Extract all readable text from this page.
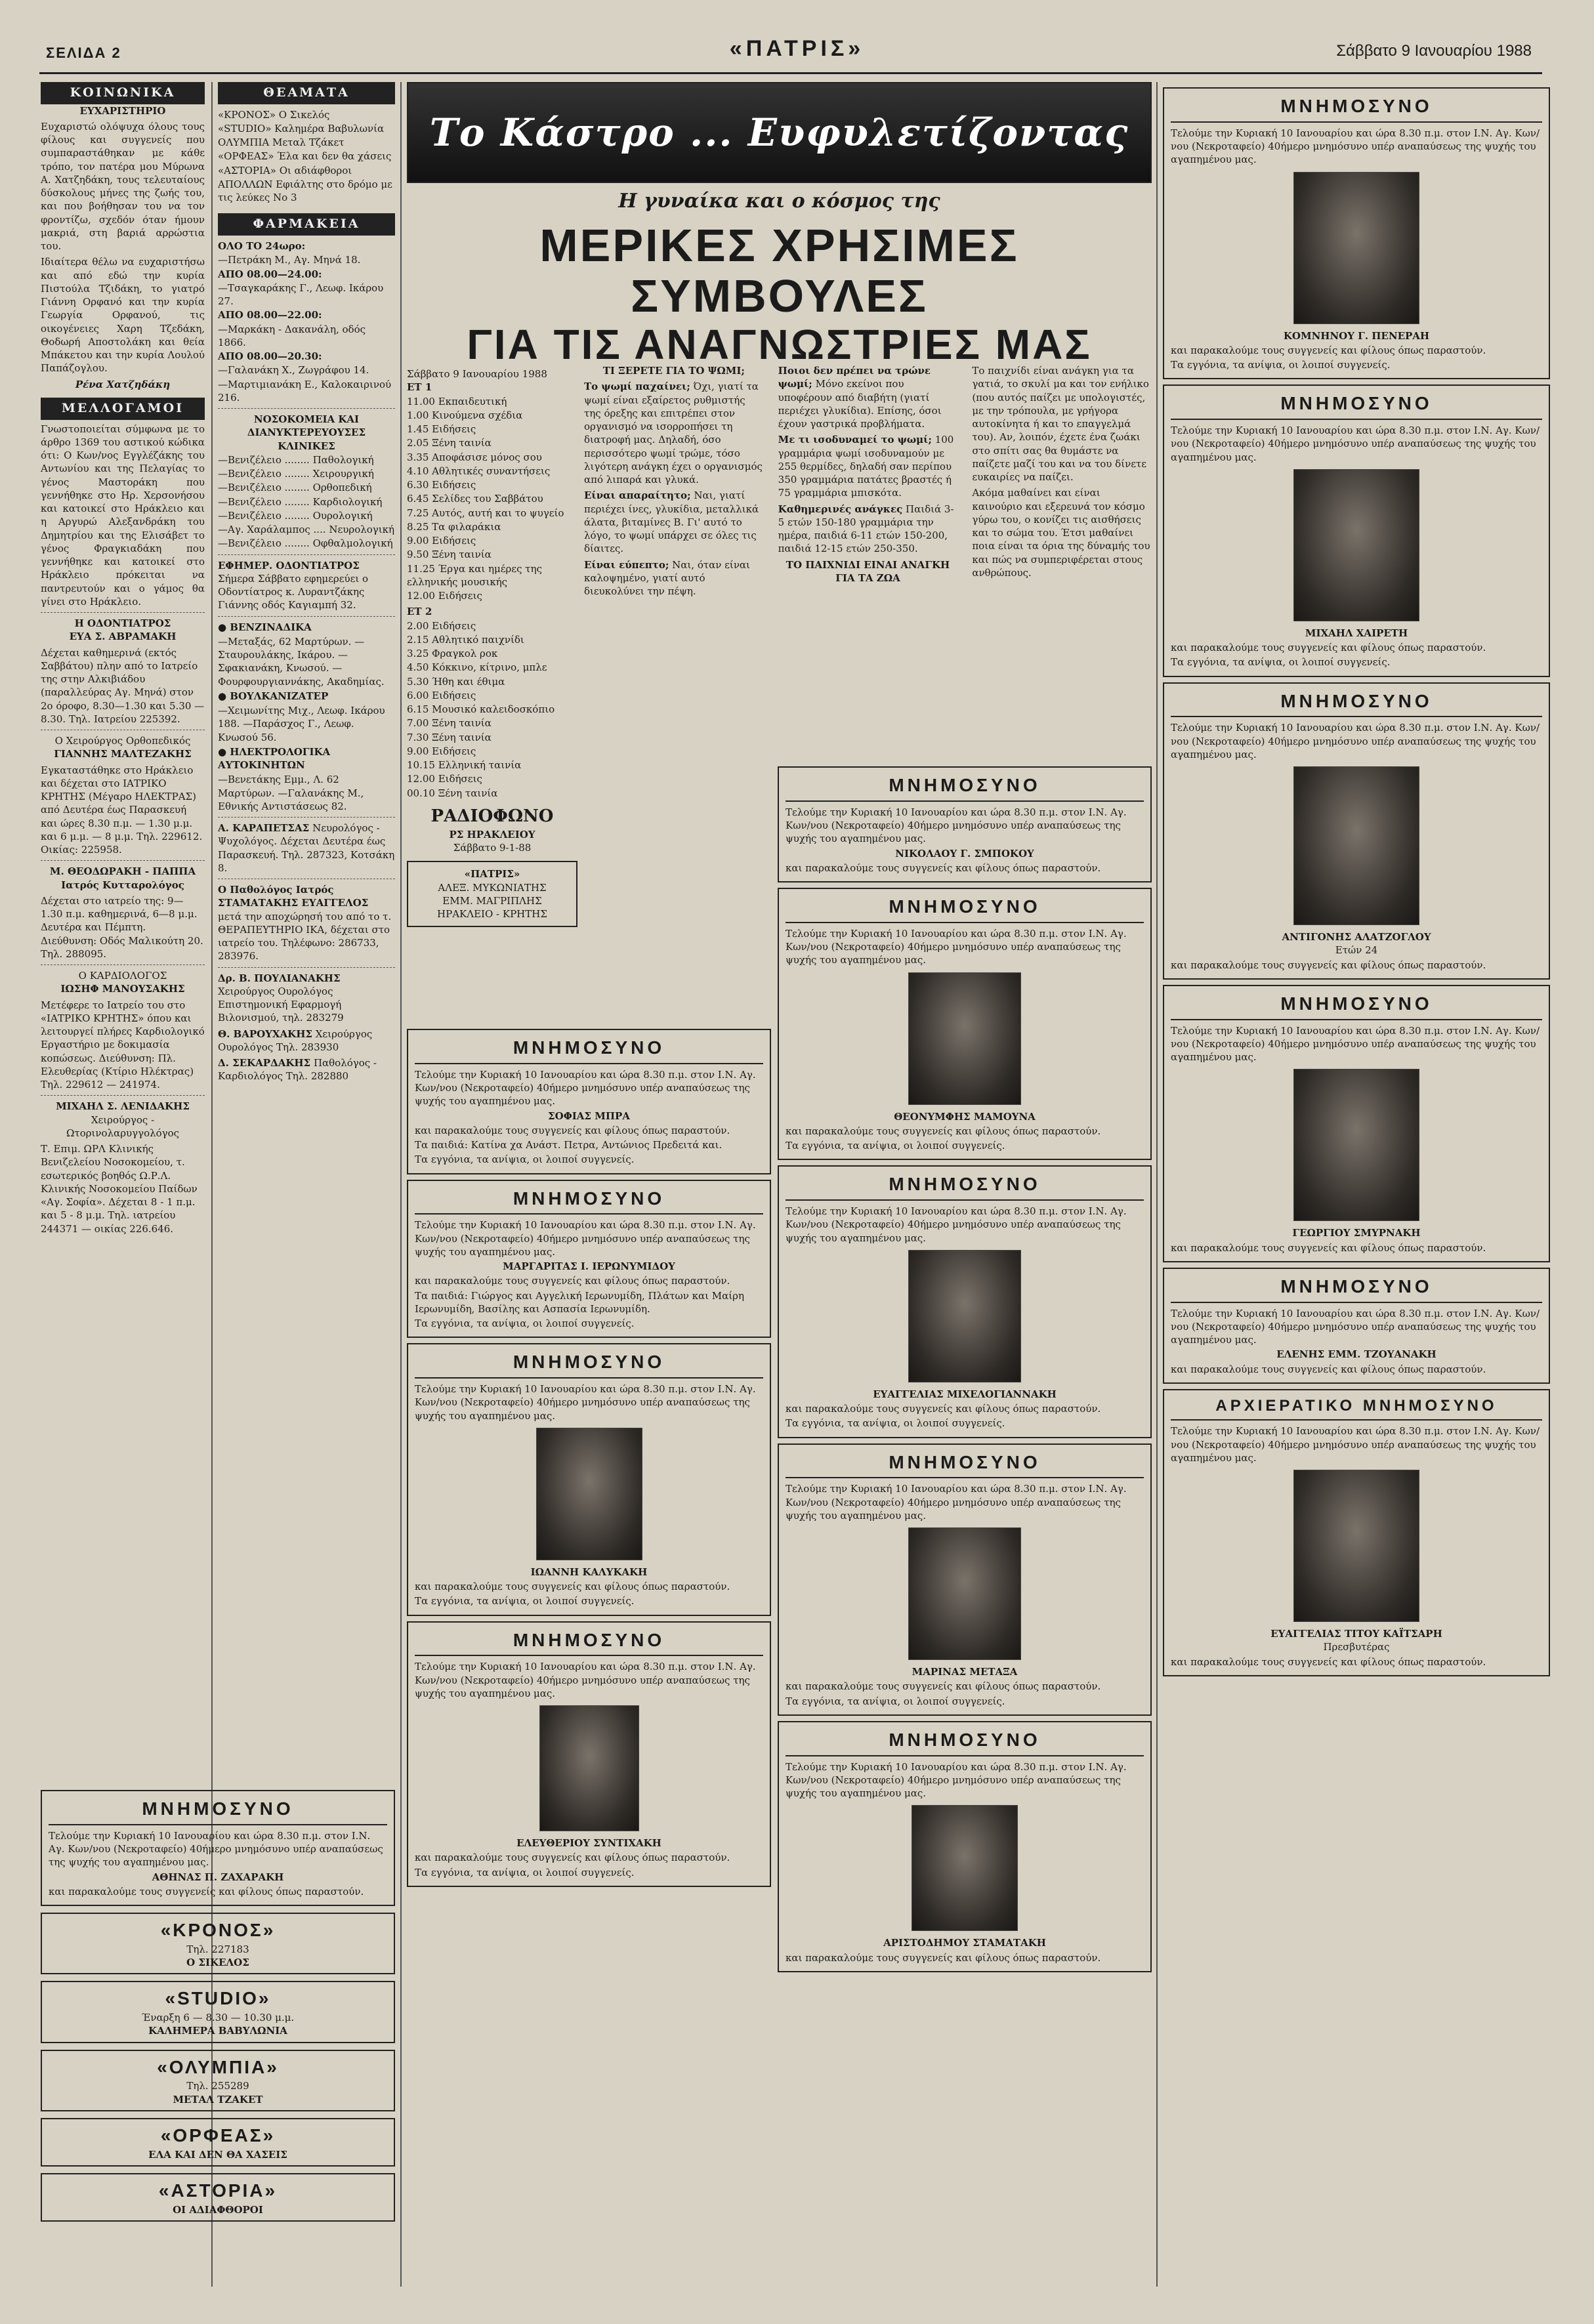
ΣΕΛΙΔΑ 2	«ΠΑΤΡΙΣ»	Σάββατο 9 Ιανουαρίου 1988
ΚΟΙΝΩΝΙΚΑ
ΕΥΧΑΡΙΣΤΗΡΙΟ

Ευχαριστώ ολόψυχα όλους τους φίλους και συγγενείς που συμπαραστάθηκαν με κάθε τρόπο, τον πατέρα μου Μύρωνα Α. Χατζηδάκη, τους τελευταίους δύσκολους μήνες της ζωής του, και που βοήθησαν του να τον φροντίζω, σχεδόν όταν ήμουν μακριά, στη βαριά αρρώστια του.

Ιδιαίτερα θέλω να ευχαριστήσω και από εδώ την κυρία Πιστούλα Τζιδάκη, το γιατρό Γιάννη Ορφανό και την κυρία Γεωργία Ορφανού, τις οικογένειες Χαρη Τζεδάκη, Θοδωρή Αποστολάκη και θεία Μπάκετου και την κυρία Λουλού Παπάζογλου.

Ρένα Χατζηδάκη
ΜΕΛΛΟΓΑΜΟΙ

Γνωστοποιείται σύμφωνα με το άρθρο 1369 του αστικού κώδικα ότι: Ο Κων/νος Εγγλέζάκης του Αντωνίου και της Πελαγίας το γένος Μαστοράκη που γεννήθηκε στο Ηρ. Χερσονήσου και κατοικεί στο Ηράκλειο και η Αργυρώ Αλεξανδράκη του Δημητρίου και της Ελισάβετ το γένος Φραγκιαδάκη που γεννήθηκε και κατοικεί στο Ηράκλειο πρόκειται να παντρευτούν και ο γάμος θα γίνει στο Ηράκλειο.

Η ΟΔΟΝΤΙΑΤΡΟΣ
ΕΥΑ Σ. ΑΒΡΑΜΑΚΗ

Δέχεται καθημερινά (εκτός Σαββάτου) πλην από το Ιατρείο της στην Αλκιβιάδου (παραλλεύρας Αγ. Μηνά) στον 2ο όροφο, 8.30—1.30 και 5.30 — 8.30. Τηλ. Ιατρείου 225392.

Ο Χειρούργος Ορθοπεδικός
ΓΙΑΝΝΗΣ ΜΑΛΤΕΖΑΚΗΣ

Εγκαταστάθηκε στο Ηράκλειο και δέχεται στο ΙΑΤΡΙΚΟ ΚΡΗΤΗΣ (Μέγαρο ΗΛΕΚΤΡΑΣ) από Δευτέρα έως Παρασκευή και ώρες 8.30 π.μ. — 1.30 μ.μ. και 6 μ.μ. — 8 μ.μ. Τηλ. 229612. Οικίας: 225958.

Μ. ΘΕΟΔΩΡΑΚΗ - ΠΑΠΠΑ
Ιατρός Κυτταρολόγος

Δέχεται στο ιατρείο της: 9—1.30 π.μ. καθημερινά, 6—8 μ.μ. Δευτέρα και Πέμπτη. Διεύθυνση: Οδός Μαλικούτη 20. Τηλ. 288095.

Ο ΚΑΡΔΙΟΛΟΓΟΣ
ΙΩΣΗΦ ΜΑΝΟΥΣΑΚΗΣ

Μετέφερε το Ιατρείο του στο «ΙΑΤΡΙΚΟ ΚΡΗΤΗΣ» όπου και λειτουργεί πλήρες Καρδιολογικό Εργαστήριο με δοκιμασία κοπώσεως. Διεύθυνση: Πλ. Ελευθερίας (Κτίριο Ηλέκτρας) Τηλ. 229612 — 241974.

ΜΙΧΑΗΛ Σ. ΛΕΝΙΔΑΚΗΣ
Χειρούργος - Ωτορινολαρυγγολόγος

Τ. Επιμ. ΩΡΛ Κλινικής Βενιζελείου Νοσοκομείου, τ. εσωτερικός βοηθός Ω.Ρ.Λ. Κλινικής Νοσοκομείου Παίδων «Αγ. Σοφία». Δέχεται 8 - 1 π.μ. και 5 - 8 μ.μ. Τηλ. ιατρείου 244371 — οικίας 226.646.

ΘΕΑΜΑΤΑ
«ΚΡΟΝΟΣ» Ο Σικελός
«STUDIO» Καλημέρα Βαβυλωνία
ΟΛΥΜΠΙΑ Μεταλ Τζάκετ
«ΟΡΦΕΑΣ» Έλα και δεν θα χάσεις
«ΑΣΤΟΡΙΑ» Οι αδιάφθοροι
ΑΠΟΛΛΩΝ Εφιάλτης στο δρόμο με τις λεύκες Νο 3
ΦΑΡΜΑΚΕΙΑ
ΟΛΟ ΤΟ 24ωρο:
—Πετράκη Μ., Αγ. Μηνά 18.
ΑΠΟ 08.00—24.00:
—Τσαγκαράκης Γ., Λεωφ. Ικάρου 27.
ΑΠΟ 08.00—22.00:
—Μαρκάκη - Δακανάλη, οδός 1866.
ΑΠΟ 08.00—20.30:
—Γαλανάκη Χ., Ζωγράφου 14.
—Μαρτιμιανάκη Ε., Καλοκαιρινού 216.
ΝΟΣΟΚΟΜΕΙΑ ΚΑΙ ΔΙΑΝΥΚΤΕΡΕΥΟΥΣΕΣ ΚΛΙΝΙΚΕΣ
—Βενιζέλειο ........ Παθολογική
—Βενιζέλειο ........ Χειρουργική
—Βενιζέλειο ........ Ορθοπεδική
—Βενιζέλειο ........ Καρδιολογική
—Βενιζέλειο ........ Ουρολογική
—Αγ. Χαράλαμπος .... Νευρολογική
—Βενιζέλειο ........ Οφθαλμολογική

ΕΦΗΜΕΡ. ΟΔΟΝΤΙΑΤΡΟΣ Σήμερα Σάββατο εφημερεύει ο Οδοντίατρος κ. Λυραντζάκης Γιάννης οδός Καγιαμπή 32.

● ΒΕΝΖΙΝΑΔΙΚΑ

—Μεταξάς, 62 Μαρτύρων. —Σταυρουλάκης, Ικάρου. —Σφακιανάκη, Κνωσού. —Φουρφουργιαννάκης, Ακαδημίας.

● ΒΟΥΛΚΑΝΙΖΑΤΕΡ

—Χειμωνίτης Μιχ., Λεωφ. Ικάρου 188. —Παράσχος Γ., Λεωφ. Κνωσού 56.

● ΗΛΕΚΤΡΟΛΟΓΙΚΑ ΑΥΤΟΚΙΝΗΤΩΝ

—Βενετάκης Εμμ., Λ. 62 Μαρτύρων. —Γαλανάκης Μ., Εθνικής Αντιστάσεως 82.

Α. ΚΑΡΑΠΕΤΣΑΣ Νευρολόγος - Ψυχολόγος. Δέχεται Δευτέρα έως Παρασκευή. Τηλ. 287323, Κοτσάκη 8.

Ο Παθολόγος Ιατρός ΣΤΑΜΑΤΑΚΗΣ ΕΥΑΓΓΕΛΟΣ μετά την αποχώρησή του από το τ. ΘΕΡΑΠΕΥΤΗΡΙΟ ΙΚΑ, δέχεται στο ιατρείο του. Τηλέφωνο: 286733, 283976.

Δρ. Β. ΠΟΥΛΙΑΝΑΚΗΣ Χειρούργος Ουρολόγος Επιστημονική Εφαρμογή Βιλονισμού, τηλ. 283279

Θ. ΒΑΡΟΥΧΑΚΗΣ Χειρούργος Ουρολόγος Τηλ. 283930

Δ. ΣΕΚΑΡΔΑΚΗΣ Παθολόγος - Καρδιολόγος Τηλ. 282880

Σάββατο 9 Ιανουαρίου 1988
ΕΤ 1
11.00 Εκπαιδευτική
1.00 Κινούμενα σχέδια
1.45 Ειδήσεις
2.05 Ξένη ταινία
3.35 Αποφάσισε μόνος σου
4.10 Αθλητικές συναντήσεις
6.30 Ειδήσεις
6.45 Σελίδες του Σαββάτου
7.25 Αυτός, αυτή και το ψυγείο
8.25 Τα φιλαράκια
9.00 Ειδήσεις
9.50 Ξένη ταινία
11.25 Έργα και ημέρες της ελληνικής μουσικής
12.00 Ειδήσεις
ΕΤ 2
2.00 Ειδήσεις
2.15 Αθλητικό παιχνίδι
3.25 Φραγκολ ροκ
4.50 Κόκκινο, κίτρινο, μπλε
5.30 Ήθη και έθιμα
6.00 Ειδήσεις
6.15 Μουσικό καλειδοσκόπιο
7.00 Ξένη ταινία
7.30 Ξένη ταινία
9.00 Ειδήσεις
10.15 Ελληνική ταινία
12.00 Ειδήσεις
00.10 Ξένη ταινία
ΡΑΔΙΟΦΩΝΟ
ΡΣ ΗΡΑΚΛΕΙΟΥ
Σάββατο 9-1-88
«ΠΑΤΡΙΣ»
ΑΛΕΞ. ΜΥΚΩΝΙΑΤΗΣ
ΕΜΜ. ΜΑΓΡΙΠΛΗΣ
ΗΡΑΚΛΕΙΟ - ΚΡΗΤΗΣ
Το Κάστρο ... Ευφυλετίζοντας
Η γυναίκα και ο κόσμος της
ΜΕΡΙΚΕΣ ΧΡΗΣΙΜΕΣ ΣΥΜΒΟΥΛΕΣ
ΓΙΑ ΤΙΣ ΑΝΑΓΝΩΣΤΡΙΕΣ ΜΑΣ
ΤΙ ΞΕΡΕΤΕ ΓΙΑ ΤΟ ΨΩΜΙ;

Το ψωμί παχαίνει; Όχι, γιατί τα ψωμί είναι εξαίρετος ρυθμιστής της όρεξης και επιτρέπει στον οργανισμό να ισορροπήσει τη διατροφή μας. Δηλαδή, όσο περισσότερο ψωμί τρώμε, τόσο λιγότερη ανάγκη έχει ο οργανισμός από λιπαρά και γλυκά.

Είναι απαραίτητο; Ναι, γιατί περιέχει ίνες, γλυκίδια, μεταλλικά άλατα, βιταμίνες Β. Γι' αυτό το λόγο, το ψωμί υπάρχει σε όλες τις δίαιτες.

Είναι εύπεπτο; Ναι, όταν είναι καλοψημένο, γιατί αυτό διευκολύνει την πέψη.

Ποιοι δεν πρέπει να τρώνε ψωμί; Μόνο εκείνοι που υποφέρουν από διαβήτη (γιατί περιέχει γλυκίδια). Επίσης, όσοι έχουν γαστρικά προβλήματα.

Με τι ισοδυναμεί το ψωμί; 100 γραμμάρια ψωμί ισοδυναμούν με 255 θερμίδες, δηλαδή σαν περίπου 350 γραμμάρια πατάτες βραστές ή 75 γραμμάρια μπισκότα.

Καθημερινές ανάγκες Παιδιά 3-5 ετών 150-180 γραμμάρια την ημέρα, παιδιά 6-11 ετών 150-200, παιδιά 12-15 ετών 250-350.

ΤΟ ΠΑΙΧΝΙΔΙ ΕΙΝΑΙ ΑΝΑΓΚΗ ΓΙΑ ΤΑ ΖΩΑ

Το παιχνίδι είναι ανάγκη για τα γατιά, το σκυλί μα και τον ενήλικο (που αυτός παίζει με υπολογιστές, με την τρόπουλα, με γρήγορα αυτοκίνητα ή και το επαγγελμά του). Αν, λοιπόν, έχετε ένα ζωάκι στο σπίτι σας θα θυμάστε να παίζετε μαζί του και να του δίνετε ευκαιρίες να παίζει.

Ακόμα μαθαίνει και είναι καινούριο και εξερευνά τον κόσμο γύρω του, ο κονίζει τις αισθήσεις και το σώμα του. Έτσι μαθαίνει ποια είναι τα όρια της δύναμής του και πώς να συμπεριφέρεται στους ανθρώπους.

ΜΝΗΜΟΣΥΝΟ

Τελούμε την Κυριακή 10 Ιανουαρίου και ώρα 8.30 π.μ. στον Ι.Ν. Αγ. Κων/νου (Νεκροταφείο) 40ήμερο μνημόσυνο υπέρ αναπαύσεως της ψυχής του αγαπημένου μας.

ΣΟΦΙΑΣ ΜΠΡΑ

και παρακαλούμε τους συγγενείς και φίλους όπως παραστούν.

Τα παιδιά: Κατίνα χα Ανάστ. Πετρα, Αντώνιος Πρεδειτά και.

Τα εγγόνια, τα ανίψια, οι λοιποί συγγενείς.

ΜΝΗΜΟΣΥΝΟ

Τελούμε την Κυριακή 10 Ιανουαρίου και ώρα 8.30 π.μ. στον Ι.Ν. Αγ. Κων/νου (Νεκροταφείο) 40ήμερο μνημόσυνο υπέρ αναπαύσεως της ψυχής του αγαπημένου μας.

ΜΑΡΓΑΡΙΤΑΣ Ι. ΙΕΡΩΝΥΜΙΔΟΥ

και παρακαλούμε τους συγγενείς και φίλους όπως παραστούν.

Τα παιδιά: Γιώργος και Αγγελική Ιερωνυμίδη, Πλάτων και Μαίρη Ιερωνυμίδη, Βασίλης και Ασπασία Ιερωνυμίδη.

Τα εγγόνια, τα ανίψια, οι λοιποί συγγενείς.

ΜΝΗΜΟΣΥΝΟ

Τελούμε την Κυριακή 10 Ιανουαρίου και ώρα 8.30 π.μ. στον Ι.Ν. Αγ. Κων/νου (Νεκροταφείο) 40ήμερο μνημόσυνο υπέρ αναπαύσεως της ψυχής του αγαπημένου μας.

ΙΩΑΝΝΗ ΚΑΛΥΚΑΚΗ

και παρακαλούμε τους συγγενείς και φίλους όπως παραστούν.

Τα εγγόνια, τα ανίψια, οι λοιποί συγγενείς.

ΜΝΗΜΟΣΥΝΟ

Τελούμε την Κυριακή 10 Ιανουαρίου και ώρα 8.30 π.μ. στον Ι.Ν. Αγ. Κων/νου (Νεκροταφείο) 40ήμερο μνημόσυνο υπέρ αναπαύσεως της ψυχής του αγαπημένου μας.

ΕΛΕΥΘΕΡΙΟΥ ΣΥΝΤΙΧΑΚΗ

και παρακαλούμε τους συγγενείς και φίλους όπως παραστούν.

Τα εγγόνια, τα ανίψια, οι λοιποί συγγενείς.

ΜΝΗΜΟΣΥΝΟ

Τελούμε την Κυριακή 10 Ιανουαρίου και ώρα 8.30 π.μ. στον Ι.Ν. Αγ. Κων/νου (Νεκροταφείο) 40ήμερο μνημόσυνο υπέρ αναπαύσεως της ψυχής του αγαπημένου μας.

ΝΙΚΟΛΑΟΥ Γ. ΣΜΠΟΚΟΥ

και παρακαλούμε τους συγγενείς και φίλους όπως παραστούν.

ΜΝΗΜΟΣΥΝΟ

Τελούμε την Κυριακή 10 Ιανουαρίου και ώρα 8.30 π.μ. στον Ι.Ν. Αγ. Κων/νου (Νεκροταφείο) 40ήμερο μνημόσυνο υπέρ αναπαύσεως της ψυχής του αγαπημένου μας.

ΘΕΟΝΥΜΦΗΣ ΜΑΜΟΥΝΑ

και παρακαλούμε τους συγγενείς και φίλους όπως παραστούν.

Τα εγγόνια, τα ανίψια, οι λοιποί συγγενείς.

ΜΝΗΜΟΣΥΝΟ

Τελούμε την Κυριακή 10 Ιανουαρίου και ώρα 8.30 π.μ. στον Ι.Ν. Αγ. Κων/νου (Νεκροταφείο) 40ήμερο μνημόσυνο υπέρ αναπαύσεως της ψυχής του αγαπημένου μας.

ΕΥΑΓΓΕΛΙΑΣ ΜΙΧΕΛΟΓΙΑΝΝΑΚΗ

και παρακαλούμε τους συγγενείς και φίλους όπως παραστούν.

Τα εγγόνια, τα ανίψια, οι λοιποί συγγενείς.

ΜΝΗΜΟΣΥΝΟ

Τελούμε την Κυριακή 10 Ιανουαρίου και ώρα 8.30 π.μ. στον Ι.Ν. Αγ. Κων/νου (Νεκροταφείο) 40ήμερο μνημόσυνο υπέρ αναπαύσεως της ψυχής του αγαπημένου μας.

ΜΑΡΙΝΑΣ ΜΕΤΑΞΑ

και παρακαλούμε τους συγγενείς και φίλους όπως παραστούν.

Τα εγγόνια, τα ανίψια, οι λοιποί συγγενείς.

ΜΝΗΜΟΣΥΝΟ

Τελούμε την Κυριακή 10 Ιανουαρίου και ώρα 8.30 π.μ. στον Ι.Ν. Αγ. Κων/νου (Νεκροταφείο) 40ήμερο μνημόσυνο υπέρ αναπαύσεως της ψυχής του αγαπημένου μας.

ΑΡΙΣΤΟΔΗΜΟΥ ΣΤΑΜΑΤΑΚΗ

και παρακαλούμε τους συγγενείς και φίλους όπως παραστούν.

ΜΝΗΜΟΣΥΝΟ

Τελούμε την Κυριακή 10 Ιανουαρίου και ώρα 8.30 π.μ. στον Ι.Ν. Αγ. Κων/νου (Νεκροταφείο) 40ήμερο μνημόσυνο υπέρ αναπαύσεως της ψυχής του αγαπημένου μας.

ΑΘΗΝΑΣ Π. ΖΑΧΑΡΑΚΗ

και παρακαλούμε τους συγγενείς και φίλους όπως παραστούν.

«ΚΡΟΝΟΣ»
Τηλ. 227183
Ο ΣΙΚΕΛΟΣ
«STUDIO»
Έναρξη 6 — 8.30 — 10.30 μ.μ.
ΚΑΛΗΜΕΡΑ ΒΑΒΥΛΩΝΙΑ
«ΟΛΥΜΠΙΑ»
Τηλ. 255289
ΜΕΤΑΛ ΤΖΑΚΕΤ
«ΟΡΦΕΑΣ»
ΕΛΑ ΚΑΙ ΔΕΝ ΘΑ ΧΑΣΕΙΣ
«ΑΣΤΟΡΙΑ»
ΟΙ ΑΔΙΑΦΘΟΡΟΙ
ΜΝΗΜΟΣΥΝΟ

Τελούμε την Κυριακή 10 Ιανουαρίου και ώρα 8.30 π.μ. στον Ι.Ν. Αγ. Κων/νου (Νεκροταφείο) 40ήμερο μνημόσυνο υπέρ αναπαύσεως της ψυχής του αγαπημένου μας.

ΚΟΜΝΗΝΟΥ Γ. ΠΕΝΕΡΑΗ

και παρακαλούμε τους συγγενείς και φίλους όπως παραστούν.

Τα εγγόνια, τα ανίψια, οι λοιποί συγγενείς.

ΜΝΗΜΟΣΥΝΟ

Τελούμε την Κυριακή 10 Ιανουαρίου και ώρα 8.30 π.μ. στον Ι.Ν. Αγ. Κων/νου (Νεκροταφείο) 40ήμερο μνημόσυνο υπέρ αναπαύσεως της ψυχής του αγαπημένου μας.

ΜΙΧΑΗΛ ΧΑΙΡΕΤΗ

και παρακαλούμε τους συγγενείς και φίλους όπως παραστούν.

Τα εγγόνια, τα ανίψια, οι λοιποί συγγενείς.

ΜΝΗΜΟΣΥΝΟ

Τελούμε την Κυριακή 10 Ιανουαρίου και ώρα 8.30 π.μ. στον Ι.Ν. Αγ. Κων/νου (Νεκροταφείο) 40ήμερο μνημόσυνο υπέρ αναπαύσεως της ψυχής του αγαπημένου μας.

ΑΝΤΙΓΟΝΗΣ ΑΛΑΤΖΟΓΛΟΥ
Ετών 24

και παρακαλούμε τους συγγενείς και φίλους όπως παραστούν.

ΜΝΗΜΟΣΥΝΟ

Τελούμε την Κυριακή 10 Ιανουαρίου και ώρα 8.30 π.μ. στον Ι.Ν. Αγ. Κων/νου (Νεκροταφείο) 40ήμερο μνημόσυνο υπέρ αναπαύσεως της ψυχής του αγαπημένου μας.

ΓΕΩΡΓΙΟΥ ΣΜΥΡΝΑΚΗ

και παρακαλούμε τους συγγενείς και φίλους όπως παραστούν.

ΜΝΗΜΟΣΥΝΟ

Τελούμε την Κυριακή 10 Ιανουαρίου και ώρα 8.30 π.μ. στον Ι.Ν. Αγ. Κων/νου (Νεκροταφείο) 40ήμερο μνημόσυνο υπέρ αναπαύσεως της ψυχής του αγαπημένου μας.

ΕΛΕΝΗΣ ΕΜΜ. ΤΖΟΥΑΝΑΚΗ

και παρακαλούμε τους συγγενείς και φίλους όπως παραστούν.

ΑΡΧΙΕΡΑΤΙΚΟ ΜΝΗΜΟΣΥΝΟ

Τελούμε την Κυριακή 10 Ιανουαρίου και ώρα 8.30 π.μ. στον Ι.Ν. Αγ. Κων/νου (Νεκροταφείο) 40ήμερο μνημόσυνο υπέρ αναπαύσεως της ψυχής του αγαπημένου μας.

ΕΥΑΓΓΕΛΙΑΣ ΤΙΤΟΥ ΚΑΪΤΣΑΡΗ
Πρεσβυτέρας

και παρακαλούμε τους συγγενείς και φίλους όπως παραστούν.
